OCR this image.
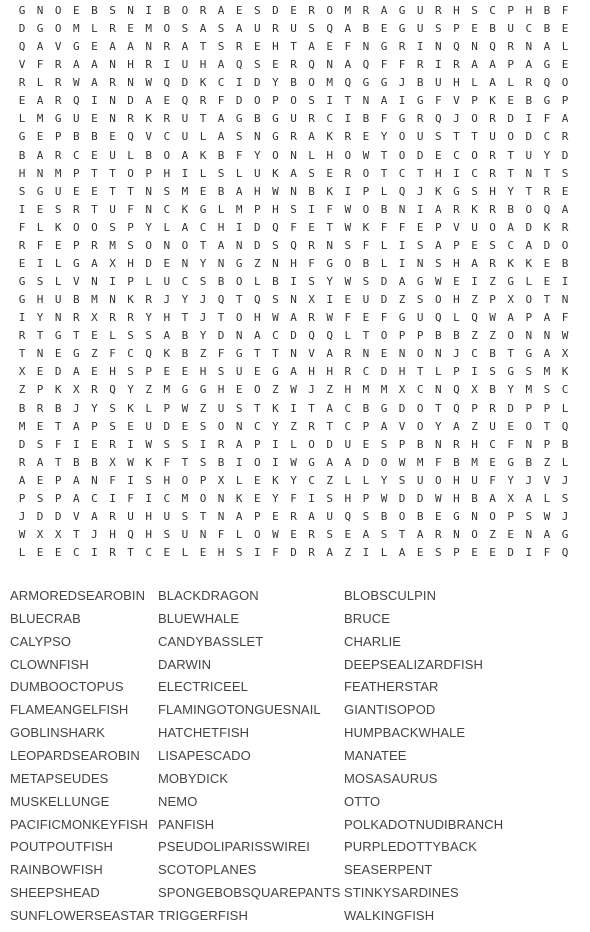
G	N	O	E	B	S	N	I	B	O	R	A	E	S	D	E	R	O	M	R	A	G	U	R	H	S	C	P	H	B	F
D	G	O	M	L	R	E	M	O	S	A	S	A	U	R	U	S	Q	A	B	E	G	U	S	P	E	B	U	C	B	E
Q	A	V	G	E	A	A	N	R	A	T	S	R	E	H	T	A	E	F	N	G	R	I	N	Q	N	Q	R	N	A	L
V	F	R	A	A	N	H	R	I	U	H	A	Q	S	E	R	Q	N	A	Q	F	F	R	I	R	A	A	P	A	G	E
R	L	R	W	A	R	N	W	Q	D	K	C	I	D	Y	B	O	M	Q	G	G	J	B	U	H	L	A	L	R	Q	O
E	A	R	Q	I	N	D	A	E	Q	R	F	D	O	P	O	S	I	T	N	A	I	G	F	V	P	K	E	B	G	P
L	M	G	U	E	N	R	K	R	U	T	A	G	B	G	U	R	C	I	B	F	G	R	Q	J	O	R	D	I	F	A
G	E	P	B	B	E	Q	V	C	U	L	A	S	N	G	R	A	K	R	E	Y	O	U	S	T	T	U	O	D	C	R
B	A	R	C	E	U	L	B	O	A	K	B	F	Y	O	N	L	H	O	W	T	O	D	E	C	O	R	T	U	Y	D
H	N	M	P	T	T	O	P	H	I	L	S	L	U	K	A	S	E	R	O	T	C	T	H	I	C	R	T	N	T	S
S	G	U	E	E	T	T	N	S	M	E	B	A	H	W	N	B	K	I	P	L	Q	J	K	G	S	H	Y	T	R	E
I	E	S	R	T	U	F	N	C	K	G	L	M	P	H	S	I	F	W	O	B	N	I	A	R	K	R	B	O	Q	A
F	L	K	O	O	S	P	Y	L	A	C	H	I	D	Q	F	E	T	W	K	F	F	E	P	V	U	O	A	D	K	R
R	F	E	P	R	M	S	O	N	O	T	A	N	D	S	Q	R	N	S	F	L	I	S	A	P	E	S	C	A	D	O
E	I	L	G	A	X	H	D	E	N	Y	N	G	Z	N	H	F	G	O	B	L	I	N	S	H	A	R	K	K	E	B
G	S	L	V	N	I	P	L	U	C	S	B	O	L	B	I	S	Y	W	S	D	A	G	W	E	I	Z	G	L	E	I
G	H	U	B	M	N	K	R	J	Y	J	Q	T	Q	S	N	X	I	E	U	D	Z	S	O	H	Z	P	X	O	T	N
I	Y	N	R	X	R	R	Y	H	T	J	T	O	H	W	A	R	W	F	E	F	G	U	Q	L	Q	W	A	P	A	F
R	T	G	T	E	L	S	S	A	B	Y	D	N	A	C	D	Q	Q	L	T	O	P	P	B	B	Z	Z	O	N	N	W
T	N	E	G	Z	F	C	Q	K	B	Z	F	G	T	T	N	V	A	R	N	E	N	O	N	J	C	B	T	G	A	X
X	E	D	A	E	H	S	P	E	E	H	S	U	E	G	A	H	H	R	C	D	H	T	L	P	I	S	G	S	M	K
Z	P	K	X	R	Q	Y	Z	M	G	G	H	E	O	Z	W	J	Z	H	M	M	X	C	N	Q	X	B	Y	M	S	C
B	R	B	J	Y	S	K	L	P	W	Z	U	S	T	K	I	T	A	C	B	G	D	O	T	Q	P	R	D	P	P	L
M	E	T	A	P	S	E	U	D	E	S	O	N	C	Y	Z	R	T	C	P	A	V	O	Y	A	Z	U	E	O	T	Q
D	S	F	I	E	R	I	W	S	S	I	R	A	P	I	L	O	D	U	E	S	P	B	N	R	H	C	F	N	P	B
R	A	T	B	B	X	W	K	F	T	S	B	I	O	I	W	G	A	A	D	O	W	M	F	B	M	E	G	B	Z	L
A	E	P	A	N	F	I	S	H	O	P	X	L	E	K	Y	C	Z	L	L	Y	S	U	O	H	U	F	Y	J	V	J
P	S	P	A	C	I	F	I	C	M	O	N	K	E	Y	F	I	S	H	P	W	D	D	W	H	B	A	X	A	L	S
J	D	D	V	A	R	U	H	U	S	T	N	A	P	E	R	A	U	Q	S	B	O	B	E	G	N	O	P	S	W	J
W	X	X	T	J	H	Q	H	S	U	N	F	L	O	W	E	R	S	E	A	S	T	A	R	N	O	Z	E	N	A	G
L	E	E	C	I	R	T	C	E	L	E	H	S	I	F	D	R	A	Z	I	L	A	E	S	P	E	E	D	I	F	Q
ARMOREDSEAROBIN
BLUECRAB
CALYPSO
CLOWNFISH
DUMBOOCTOPUS
FLAMEANGELFISH
GOBLINSHARK
LEOPARDSEAROBIN
METAPSEUDES
MUSKELLUNGE
PACIFICMONKEYFISH
POUTPOUTFISH
RAINBOWFISH
SHEEPSHEAD
SUNFLOWERSEASTAR
BLACKDRAGON
BLUEWHALE
CANDYBASSLET
DARWIN
ELECTRICEEL
FLAMINGOTONGUESNAIL
HATCHETFISH
LISAPESCADO
MOBYDICK
NEMO
PANFISH
PSEUDOLIPARISSWIREI
SCOTOPLANES
SPONGEBOBSQUAREPANTS
TRIGGERFISH
BLOBSCULPIN
BRUCE
CHARLIE
DEEPSEALIZARDFISH
FEATHERSTAR
GIANTISOPOD
HUMPBACKWHALE
MANATEE
MOSASAURUS
OTTO
POLKADOTNUDIBRANCH
PURPLEDOTTYBACK
SEASERPENT
STINKYSARDINES
WALKINGFISH
